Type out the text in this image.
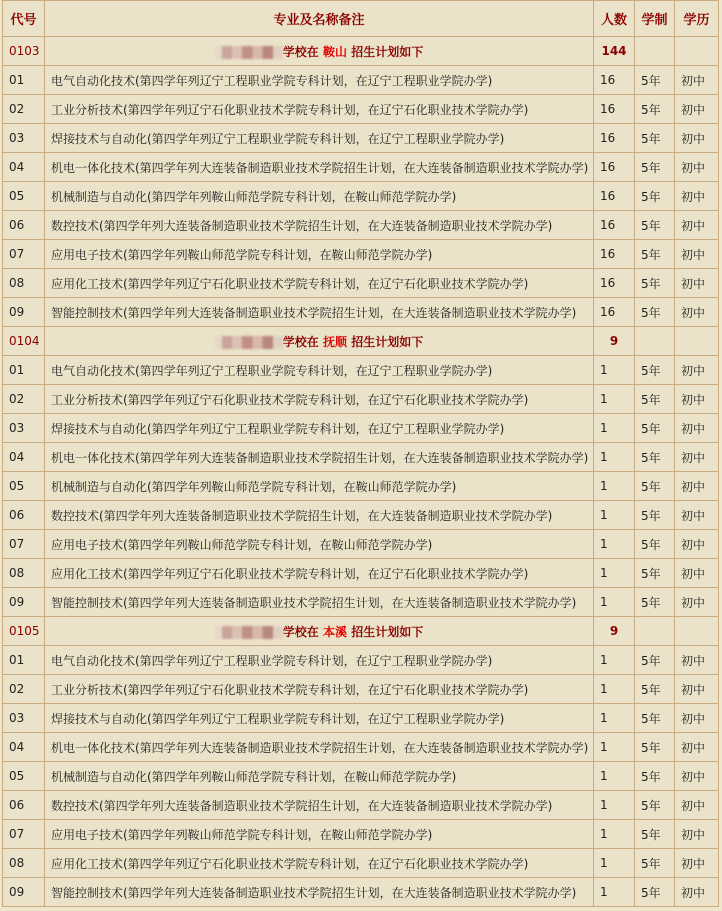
代号	专业及名称备注	人数	学制	学历
0103	学校在 鞍山 招生计划如下	144		
01	电气自动化技术(第四学年列辽宁工程职业学院专科计划，在辽宁工程职业学院办学)	16	5年	初中
02	工业分析技术(第四学年列辽宁石化职业技术学院专科计划，在辽宁石化职业技术学院办学)	16	5年	初中
03	焊接技术与自动化(第四学年列辽宁工程职业学院专科计划，在辽宁工程职业学院办学)	16	5年	初中
04	机电一体化技术(第四学年列大连装备制造职业技术学院招生计划，在大连装备制造职业技术学院办学)	16	5年	初中
05	机械制造与自动化(第四学年列鞍山师范学院专科计划，在鞍山师范学院办学)	16	5年	初中
06	数控技术(第四学年列大连装备制造职业技术学院招生计划，在大连装备制造职业技术学院办学)	16	5年	初中
07	应用电子技术(第四学年列鞍山师范学院专科计划，在鞍山师范学院办学)	16	5年	初中
08	应用化工技术(第四学年列辽宁石化职业技术学院专科计划，在辽宁石化职业技术学院办学)	16	5年	初中
09	智能控制技术(第四学年列大连装备制造职业技术学院招生计划，在大连装备制造职业技术学院办学)	16	5年	初中
0104	学校在 抚顺 招生计划如下	9		
01	电气自动化技术(第四学年列辽宁工程职业学院专科计划，在辽宁工程职业学院办学)	1	5年	初中
02	工业分析技术(第四学年列辽宁石化职业技术学院专科计划，在辽宁石化职业技术学院办学)	1	5年	初中
03	焊接技术与自动化(第四学年列辽宁工程职业学院专科计划，在辽宁工程职业学院办学)	1	5年	初中
04	机电一体化技术(第四学年列大连装备制造职业技术学院招生计划，在大连装备制造职业技术学院办学)	1	5年	初中
05	机械制造与自动化(第四学年列鞍山师范学院专科计划，在鞍山师范学院办学)	1	5年	初中
06	数控技术(第四学年列大连装备制造职业技术学院招生计划，在大连装备制造职业技术学院办学)	1	5年	初中
07	应用电子技术(第四学年列鞍山师范学院专科计划，在鞍山师范学院办学)	1	5年	初中
08	应用化工技术(第四学年列辽宁石化职业技术学院专科计划，在辽宁石化职业技术学院办学)	1	5年	初中
09	智能控制技术(第四学年列大连装备制造职业技术学院招生计划，在大连装备制造职业技术学院办学)	1	5年	初中
0105	学校在 本溪 招生计划如下	9		
01	电气自动化技术(第四学年列辽宁工程职业学院专科计划，在辽宁工程职业学院办学)	1	5年	初中
02	工业分析技术(第四学年列辽宁石化职业技术学院专科计划，在辽宁石化职业技术学院办学)	1	5年	初中
03	焊接技术与自动化(第四学年列辽宁工程职业学院专科计划，在辽宁工程职业学院办学)	1	5年	初中
04	机电一体化技术(第四学年列大连装备制造职业技术学院招生计划，在大连装备制造职业技术学院办学)	1	5年	初中
05	机械制造与自动化(第四学年列鞍山师范学院专科计划，在鞍山师范学院办学)	1	5年	初中
06	数控技术(第四学年列大连装备制造职业技术学院招生计划，在大连装备制造职业技术学院办学)	1	5年	初中
07	应用电子技术(第四学年列鞍山师范学院专科计划，在鞍山师范学院办学)	1	5年	初中
08	应用化工技术(第四学年列辽宁石化职业技术学院专科计划，在辽宁石化职业技术学院办学)	1	5年	初中
09	智能控制技术(第四学年列大连装备制造职业技术学院招生计划，在大连装备制造职业技术学院办学)	1	5年	初中
